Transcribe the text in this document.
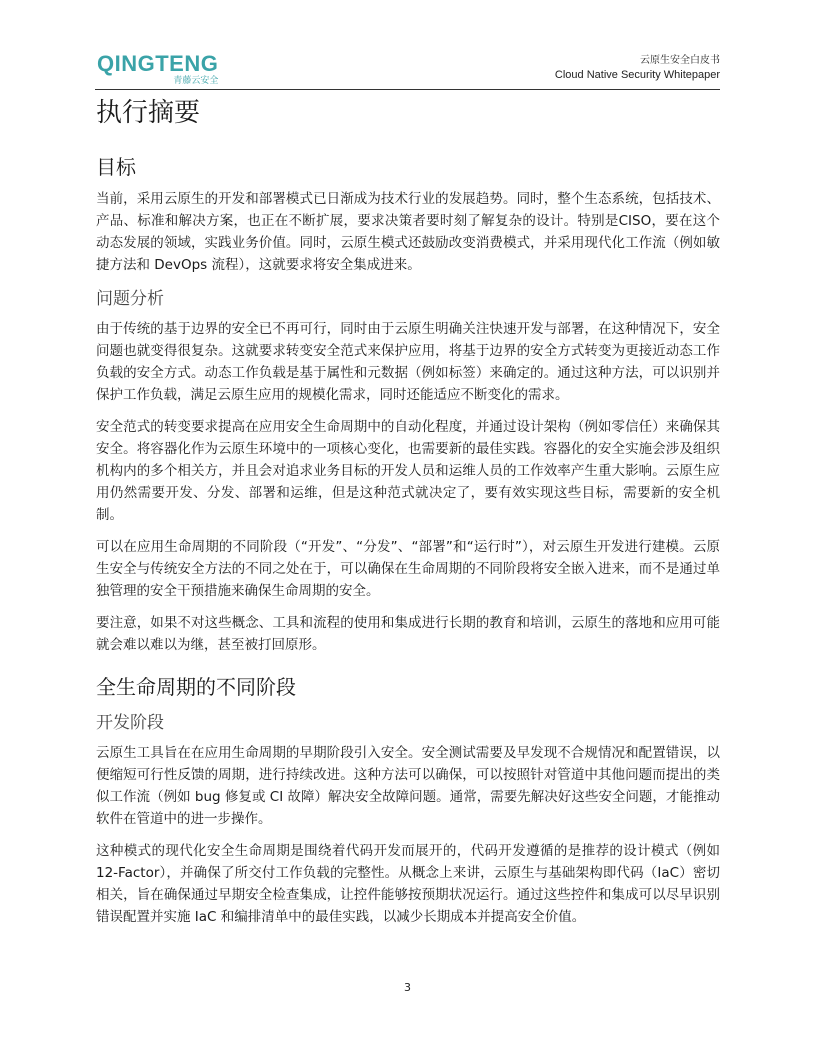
QINGTENG
青藤云安全
云原生安全白皮书
Cloud Native Security Whitepaper
执行摘要
目标

当前，采用云原生的开发和部署模式已日渐成为技术行业的发展趋势。同时，整个生态系统，包括技术、产品、标准和解决方案，也正在不断扩展，要求决策者要时刻了解复杂的设计。特别是CISO，要在这个动态发展的领域，实践业务价值。同时，云原生模式还鼓励改变消费模式，并采用现代化工作流（例如敏捷方法和 DevOps 流程），这就要求将安全集成进来。

问题分析

由于传统的基于边界的安全已不再可行，同时由于云原生明确关注快速开发与部署，在这种情况下，安全问题也就变得很复杂。这就要求转变安全范式来保护应用，将基于边界的安全方式转变为更接近动态工作负载的安全方式。动态工作负载是基于属性和元数据（例如标签）来确定的。通过这种方法，可以识别并保护工作负载，满足云原生应用的规模化需求，同时还能适应不断变化的需求。

安全范式的转变要求提高在应用安全生命周期中的自动化程度，并通过设计架构（例如零信任）来确保其安全。将容器化作为云原生环境中的一项核心变化，也需要新的最佳实践。容器化的安全实施会涉及组织机构内的多个相关方，并且会对追求业务目标的开发人员和运维人员的工作效率产生重大影响。云原生应用仍然需要开发、分发、部署和运维，但是这种范式就决定了，要有效实现这些目标，需要新的安全机制。

可以在应用生命周期的不同阶段（“开发”、“分发”、“部署”和“运行时”），对云原生开发进行建模。云原生安全与传统安全方法的不同之处在于，可以确保在生命周期的不同阶段将安全嵌入进来，而不是通过单独管理的安全干预措施来确保生命周期的安全。

要注意，如果不对这些概念、工具和流程的使用和集成进行长期的教育和培训，云原生的落地和应用可能就会难以难以为继，甚至被打回原形。

全生命周期的不同阶段
开发阶段

云原生工具旨在在应用生命周期的早期阶段引入安全。安全测试需要及早发现不合规情况和配置错误，以便缩短可行性反馈的周期，进行持续改进。这种方法可以确保，可以按照针对管道中其他问题而提出的类似工作流（例如 bug 修复或 CI 故障）解决安全故障问题。通常，需要先解决好这些安全问题，才能推动软件在管道中的进一步操作。

这种模式的现代化安全生命周期是围绕着代码开发而展开的，代码开发遵循的是推荐的设计模式（例如 12-Factor），并确保了所交付工作负载的完整性。从概念上来讲，云原生与基础架构即代码（IaC）密切相关，旨在确保通过早期安全检查集成，让控件能够按预期状况运行。通过这些控件和集成可以尽早识别错误配置并实施 IaC 和编排清单中的最佳实践，以减少长期成本并提高安全价值。

3
